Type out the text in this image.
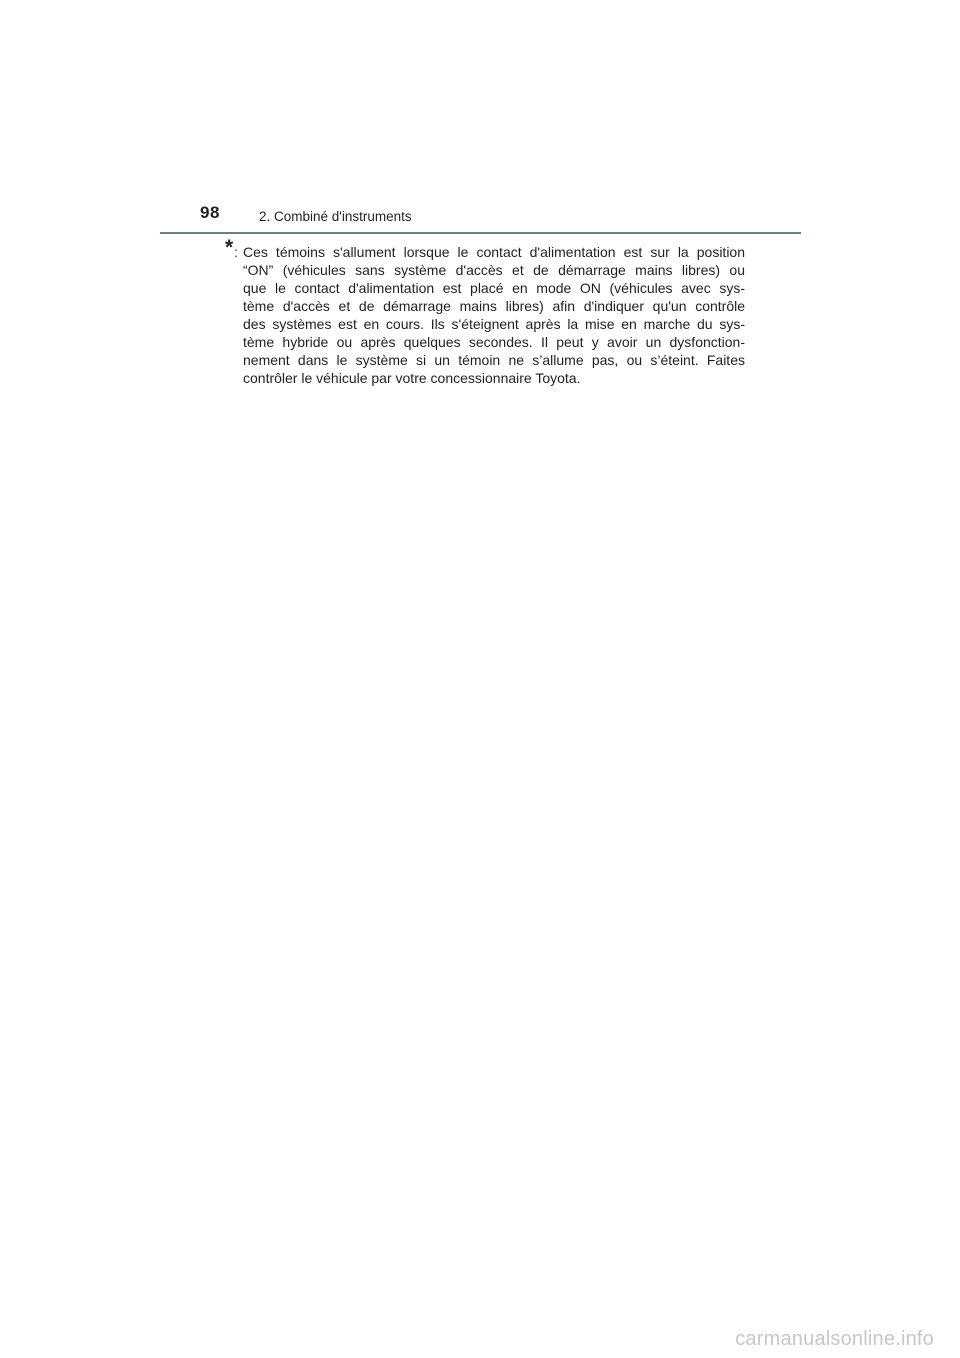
98	2. Combiné d'instruments
* : Ces témoins s'allument lorsque le contact d'alimentation est sur la position
“ON” (véhicules sans système d'accès et de démarrage mains libres) ou
que le contact d'alimentation est placé en mode ON (véhicules avec sys-
tème d'accès et de démarrage mains libres) afin d'indiquer qu'un contrôle
des systèmes est en cours. Ils s'éteignent après la mise en marche du sys-
tème hybride ou après quelques secondes. Il peut y avoir un dysfonction-
nement dans le système si un témoin ne s’allume pas, ou s’éteint. Faites
contrôler le véhicule par votre concessionnaire Toyota.
carmanualsonline.info
